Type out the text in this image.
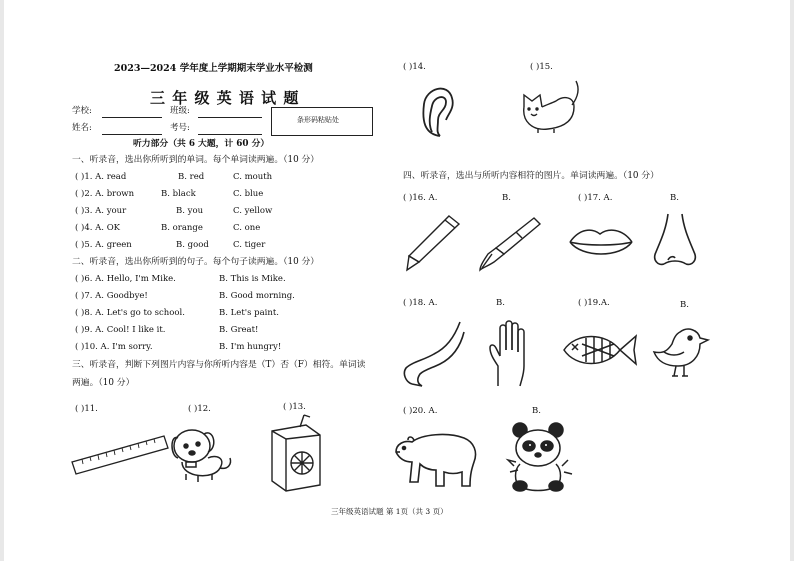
2023—2024 学年度上学期期末学业水平检测
三 年 级 英 语 试 题
学校:	班级:
姓名:	考号:
条形码粘贴处
听力部分（共 6 大题，计 60 分）
一、听录音，选出你所听到的单词。每个单词读两遍。（10 分）
( )1. A. read	B. red	C. mouth
( )2. A. brown	B. black	C. blue
( )3. A. your	B. you	C. yellow
( )4. A. OK	B. orange	C. one
( )5. A. green	B. good	C. tiger
二、听录音，选出你所听到的句子。每个句子读两遍。（10 分）
( )6. A. Hello, I'm Mike.	B. This is Mike.
( )7. A. Goodbye!	B. Good morning.
( )8. A. Let's go to school.	B. Let's paint.
( )9. A. Cool! I like it.	B. Great!
( )10. A. I'm sorry.	B. I'm hungry!
三、听录音，判断下列图片内容与你所听内容是（T）否（F）相符。单词读
两遍。（10 分）
( )11.	( )12.	( )13.
三年级英语试题 第 1页（共 3 页）
( )14.	( )15.
四、听录音，选出与所听内容相符的图片。单词读两遍。（10 分）
( )16. A.	B.	( )17. A.	B.
( )18. A.	B.	( )19.A.	B.
( )20. A.	B.
